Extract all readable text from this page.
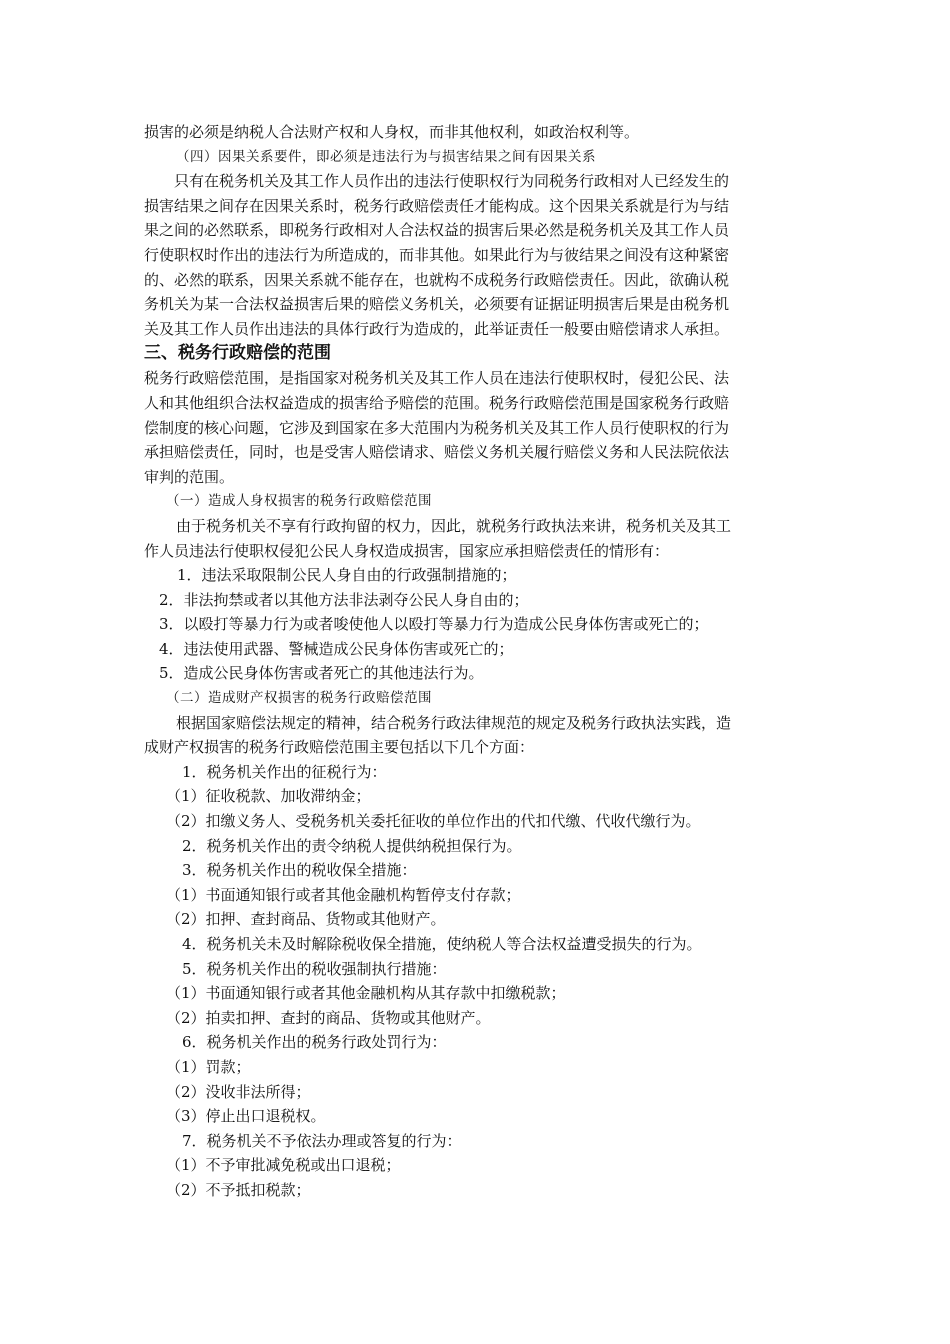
损害的必须是纳税人合法财产权和人身权，而非其他权利，如政治权利等。

（四）因果关系要件，即必须是违法行为与损害结果之间有因果关系

只有在税务机关及其工作人员作出的违法行使职权行为同税务行政相对人已经发生的

损害结果之间存在因果关系时，税务行政赔偿责任才能构成。这个因果关系就是行为与结

果之间的必然联系，即税务行政相对人合法权益的损害后果必然是税务机关及其工作人员

行使职权时作出的违法行为所造成的，而非其他。如果此行为与彼结果之间没有这种紧密

的、必然的联系，因果关系就不能存在，也就构不成税务行政赔偿责任。因此，欲确认税

务机关为某一合法权益损害后果的赔偿义务机关，必须要有证据证明损害后果是由税务机

关及其工作人员作出违法的具体行政行为造成的，此举证责任一般要由赔偿请求人承担。

三、税务行政赔偿的范围

税务行政赔偿范围，是指国家对税务机关及其工作人员在违法行使职权时，侵犯公民、法

人和其他组织合法权益造成的损害给予赔偿的范围。税务行政赔偿范围是国家税务行政赔

偿制度的核心问题，它涉及到国家在多大范围内为税务机关及其工作人员行使职权的行为

承担赔偿责任，同时，也是受害人赔偿请求、赔偿义务机关履行赔偿义务和人民法院依法

审判的范围。

（一）造成人身权损害的税务行政赔偿范围

由于税务机关不享有行政拘留的权力，因此，就税务行政执法来讲，税务机关及其工

作人员违法行使职权侵犯公民人身权造成损害，国家应承担赔偿责任的情形有：

1．违法采取限制公民人身自由的行政强制措施的；

2．非法拘禁或者以其他方法非法剥夺公民人身自由的；

3．以殴打等暴力行为或者唆使他人以殴打等暴力行为造成公民身体伤害或死亡的；

4．违法使用武器、警械造成公民身体伤害或死亡的；

5．造成公民身体伤害或者死亡的其他违法行为。

（二）造成财产权损害的税务行政赔偿范围

根据国家赔偿法规定的精神，结合税务行政法律规范的规定及税务行政执法实践，造

成财产权损害的税务行政赔偿范围主要包括以下几个方面：

1．税务机关作出的征税行为：

（1）征收税款、加收滞纳金；

（2）扣缴义务人、受税务机关委托征收的单位作出的代扣代缴、代收代缴行为。

2．税务机关作出的责令纳税人提供纳税担保行为。

3．税务机关作出的税收保全措施：

（1）书面通知银行或者其他金融机构暂停支付存款；

（2）扣押、查封商品、货物或其他财产。

4．税务机关未及时解除税收保全措施，使纳税人等合法权益遭受损失的行为。

5．税务机关作出的税收强制执行措施：

（1）书面通知银行或者其他金融机构从其存款中扣缴税款；

（2）拍卖扣押、查封的商品、货物或其他财产。

6．税务机关作出的税务行政处罚行为：

（1）罚款；

（2）没收非法所得；

（3）停止出口退税权。

7．税务机关不予依法办理或答复的行为：

（1）不予审批减免税或出口退税；

（2）不予抵扣税款；
